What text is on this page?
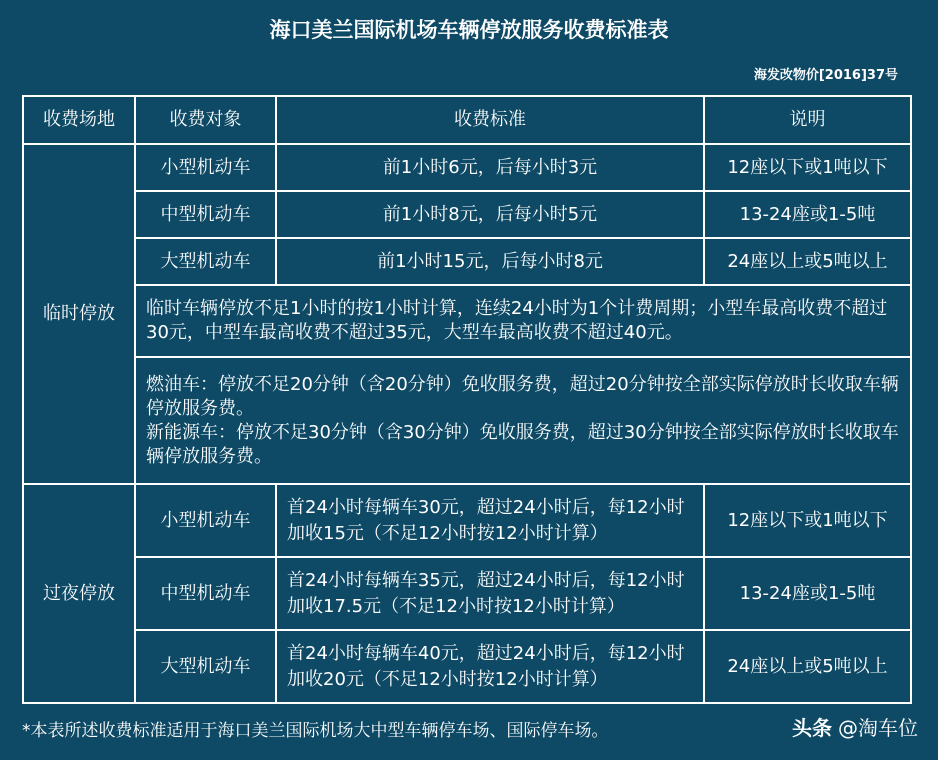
海口美兰国际机场车辆停放服务收费标准表
海发改物价[2016]37号
收费场地	收费对象	收费标准	说明
临时停放	小型机动车	前1小时6元，后每小时3元	12座以下或1吨以下
	中型机动车	前1小时8元，后每小时5元	13-24座或1-5吨
	大型机动车	前1小时15元，后每小时8元	24座以上或5吨以上
	临时车辆停放不足1小时的按1小时计算，连续24小时为1个计费周期；小型车最高收费不超过30元，中型车最高收费不超过35元，大型车最高收费不超过40元。		

	燃油车：停放不足20分钟（含20分钟）免收服务费，超过20分钟按全部实际停放时长收取车辆停放服务费。
新能源车：停放不足30分钟（含30分钟）免收服务费，超过30分钟按全部实际停放时长收取车辆停放服务费。		

过夜停放	小型机动车	首24小时每辆车30元，超过24小时后，每12小时加收15元（不足12小时按12小时计算）	12座以下或1吨以下
	中型机动车	首24小时每辆车35元，超过24小时后，每12小时加收17.5元（不足12小时按12小时计算）	13-24座或1-5吨
	大型机动车	首24小时每辆车40元，超过24小时后，每12小时加收20元（不足12小时按12小时计算）	24座以上或5吨以上
*本表所述收费标准适用于海口美兰国际机场大中型车辆停车场、国际停车场。	头条 @淘车位
